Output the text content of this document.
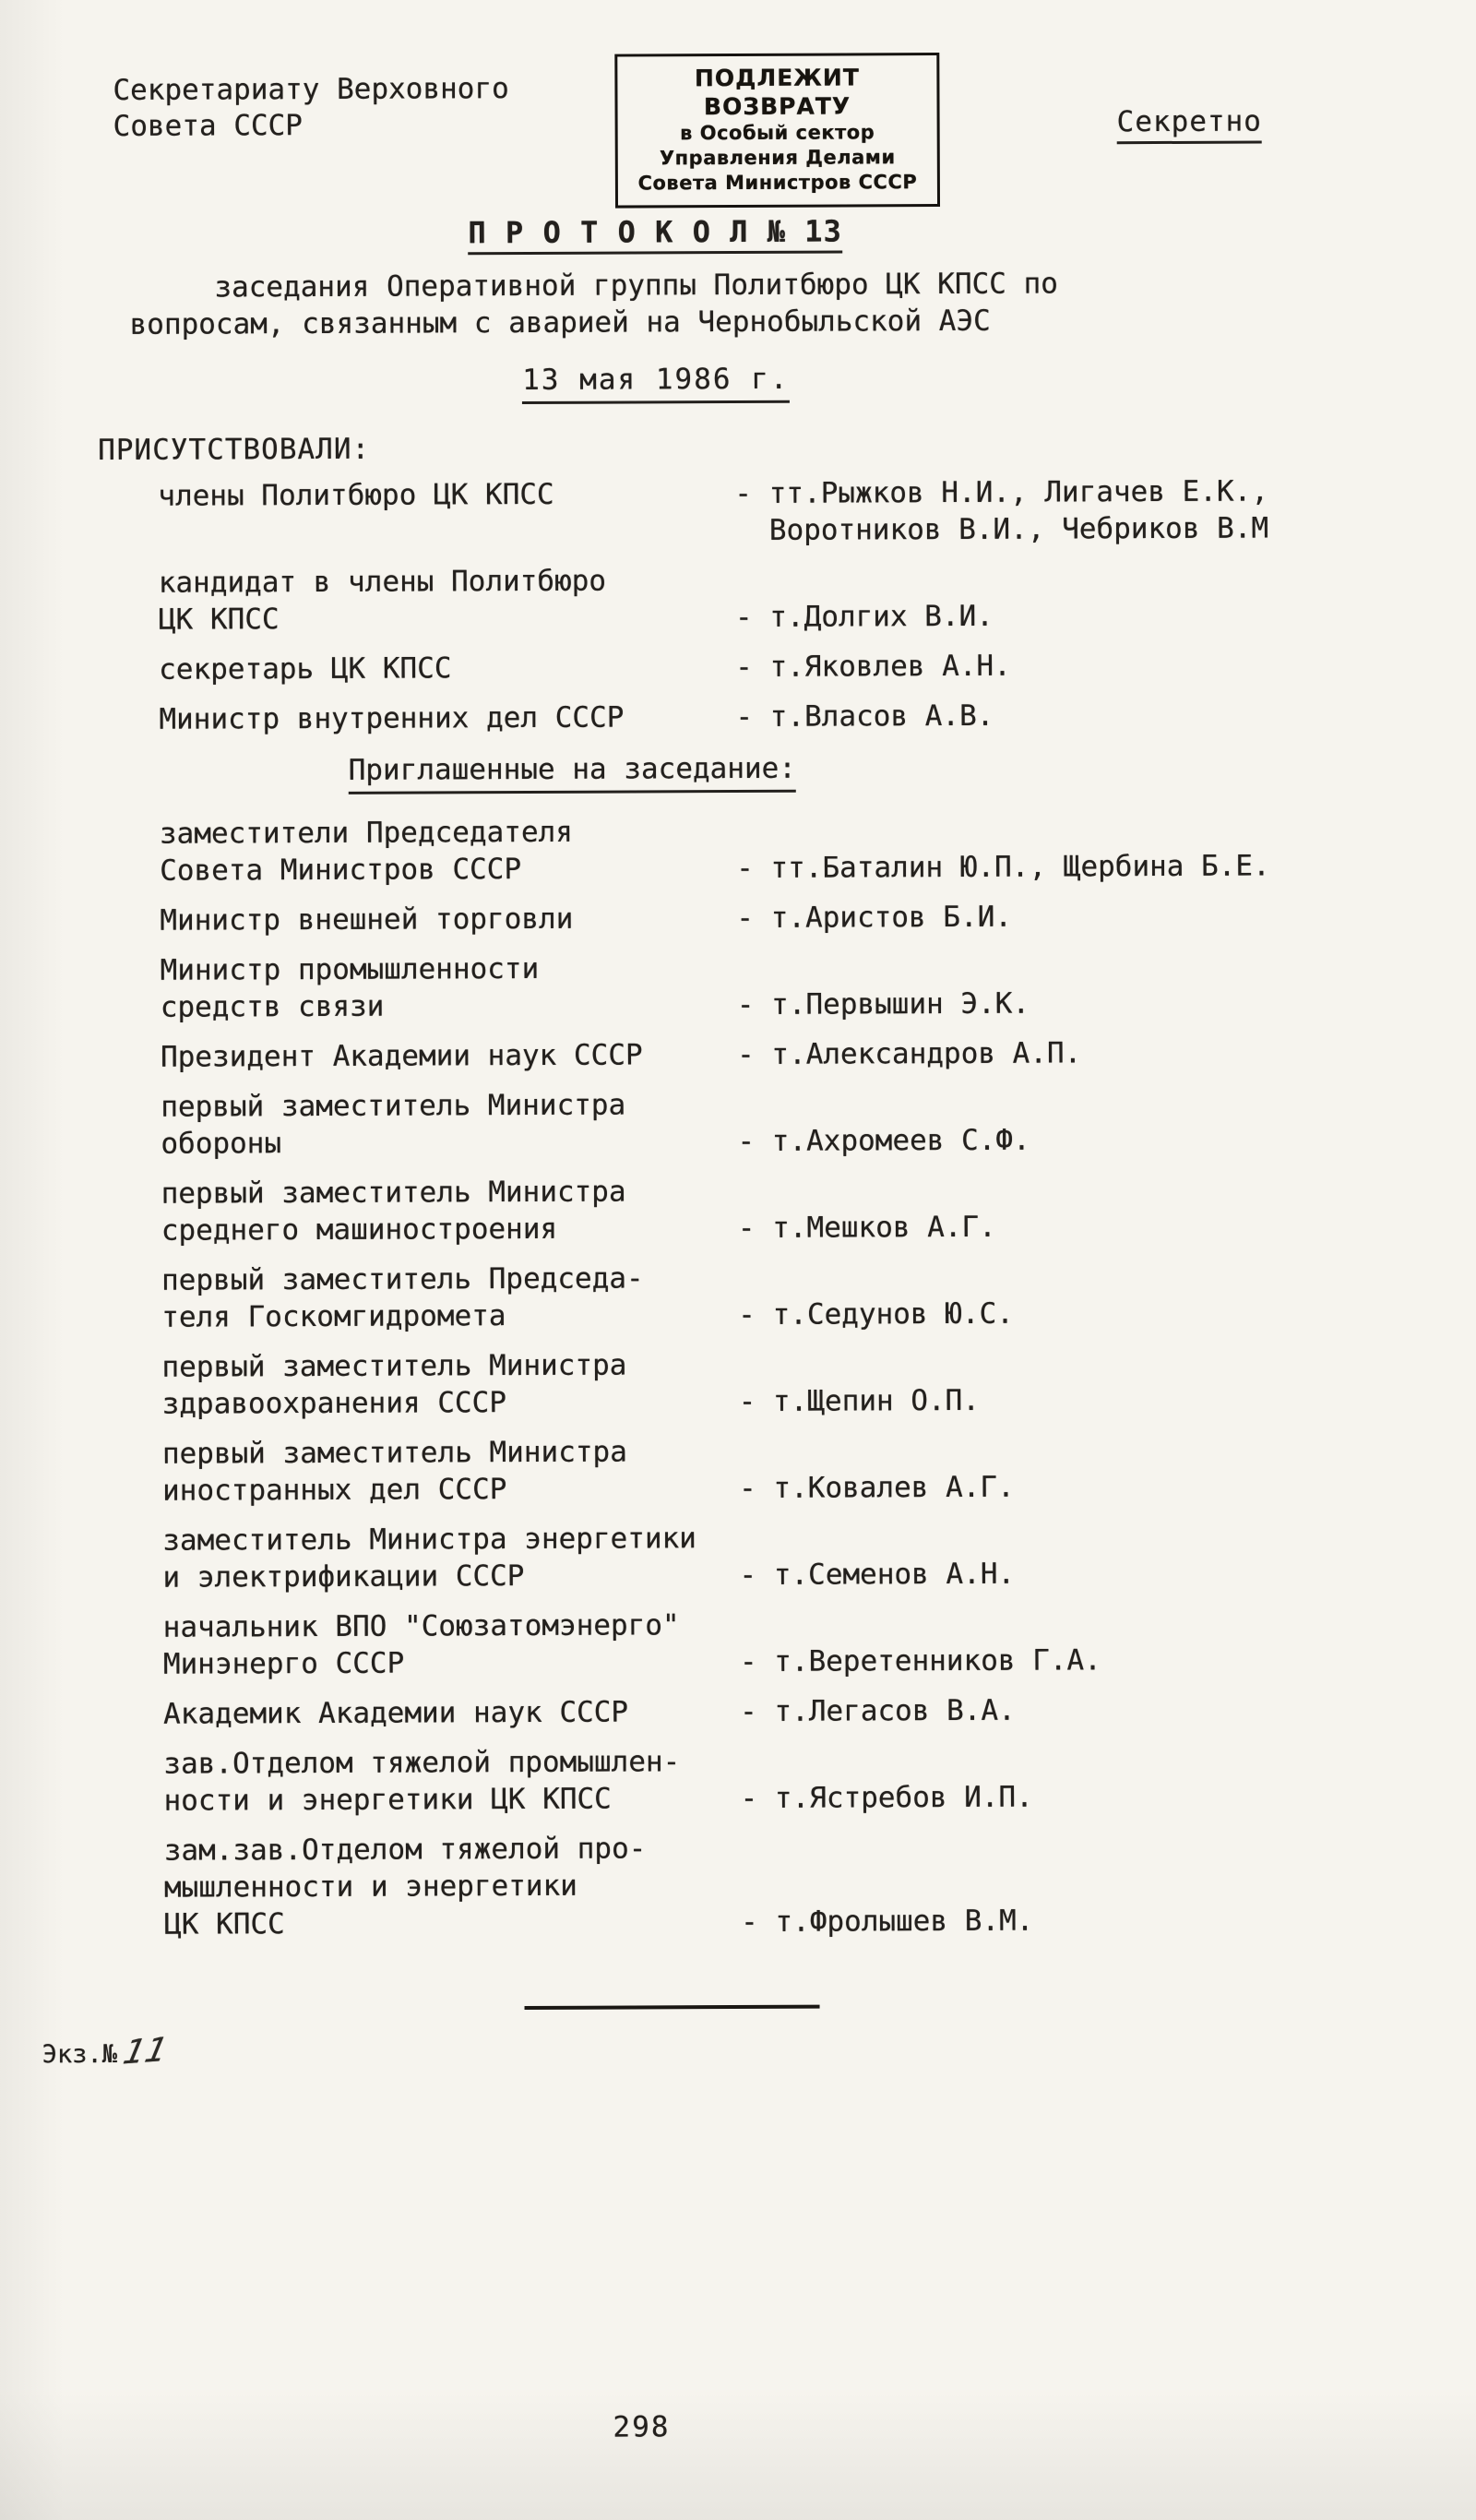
Секретариату Верховного
Совета СССР
ПОДЛЕЖИТ ВОЗВРАТУ
в Особый сектор
Управления Делами
Совета Министров СССР
Секретно
П Р О Т О К О Л № 13
заседания Оперативной группы Политбюро ЦК КПСС по
вопросам, связанным с аварией на Чернобыльской АЭС
13 мая 1986 г.
ПРИСУТСТВОВАЛИ:
члены Политбюро ЦК КПСС	- тт.Рыжков Н.И., Лигачев Е.К.,
Воротников В.И., Чебриков В.М
кандидат в члены Политбюро
ЦК КПСС	- т.Долгих В.И.
секретарь ЦК КПСС	- т.Яковлев А.Н.
Министр внутренних дел СССР	- т.Власов А.В.
Приглашенные на заседание:
заместители Председателя
Совета Министров СССР	- тт.Баталин Ю.П., Щербина Б.Е.
Министр внешней торговли	- т.Аристов Б.И.
Министр промышленности
средств связи	- т.Первышин Э.К.
Президент Академии наук СССР	- т.Александров А.П.
первый заместитель Министра
обороны	- т.Ахромеев С.Ф.
первый заместитель Министра
среднего машиностроения	- т.Мешков А.Г.
первый заместитель Председа-
теля Госкомгидромета	- т.Седунов Ю.С.
первый заместитель Министра
здравоохранения СССР	- т.Щепин О.П.
первый заместитель Министра
иностранных дел СССР	- т.Ковалев А.Г.
заместитель Министра энергетики
и электрификации СССР	- т.Семенов А.Н.
начальник ВПО "Союзатомэнерго"
Минэнерго СССР	- т.Веретенников Г.А.
Академик Академии наук СССР	- т.Легасов В.А.
зав.Отделом тяжелой промышлен-
ности и энергетики ЦК КПСС	- т.Ястребов И.П.
зам.зав.Отделом тяжелой про-
мышленности и энергетики
ЦК КПСС	- т.Фролышев В.М.
Экз.№11
298
